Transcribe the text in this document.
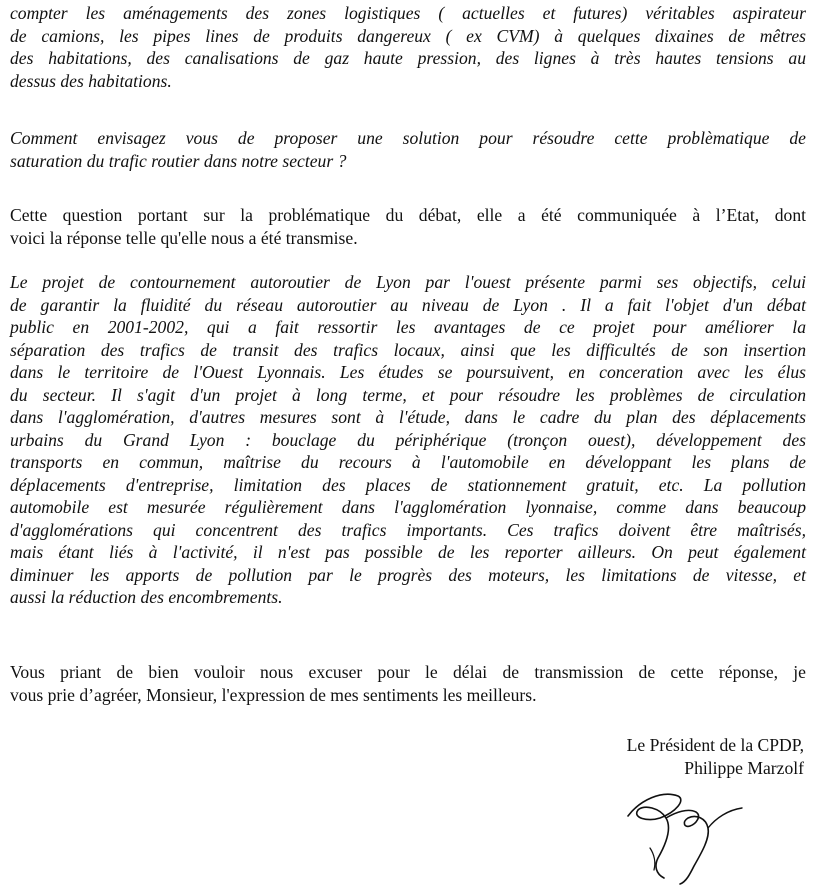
compter les aménagements des zones logistiques ( actuelles et futures) véritables aspirateur
de camions, les pipes lines de produits dangereux ( ex CVM) à quelques dixaines de mêtres
des habitations, des canalisations de gaz haute pression, des lignes à très hautes tensions au
dessus des habitations.

Comment envisagez vous de proposer une solution pour résoudre cette problèmatique de
saturation du trafic routier dans notre secteur ?

Cette question portant sur la problématique du débat, elle a été communiquée à l’Etat, dont
voici la réponse telle qu'elle nous a été transmise.

Le projet de contournement autoroutier de Lyon par l'ouest présente parmi ses objectifs, celui
de garantir la fluidité du réseau autoroutier au niveau de Lyon . Il a fait l'objet d'un débat
public en 2001-2002, qui a fait ressortir les avantages de ce projet pour améliorer la
séparation des trafics de transit des trafics locaux, ainsi que les difficultés de son insertion
dans le territoire de l'Ouest Lyonnais. Les études se poursuivent, en conceration avec les élus
du secteur. Il s'agit d'un projet à long terme, et pour résoudre les problèmes de circulation
dans l'agglomération, d'autres mesures sont à l'étude, dans le cadre du plan des déplacements
urbains du Grand Lyon : bouclage du périphérique (tronçon ouest), développement des
transports en commun, maîtrise du recours à l'automobile en développant les plans de
déplacements d'entreprise, limitation des places de stationnement gratuit, etc. La pollution
automobile est mesurée régulièrement dans l'agglomération lyonnaise, comme dans beaucoup
d'agglomérations qui concentrent des trafics importants. Ces trafics doivent être maîtrisés,
mais étant liés à l'activité, il n'est pas possible de les reporter ailleurs. On peut également
diminuer les apports de pollution par le progrès des moteurs, les limitations de vitesse, et
aussi la réduction des encombrements.

Vous priant de bien vouloir nous excuser pour le délai de transmission de cette réponse, je
vous prie d’agréer, Monsieur, l'expression de mes sentiments les meilleurs.

Le Président de la CPDP,
Philippe Marzolf
